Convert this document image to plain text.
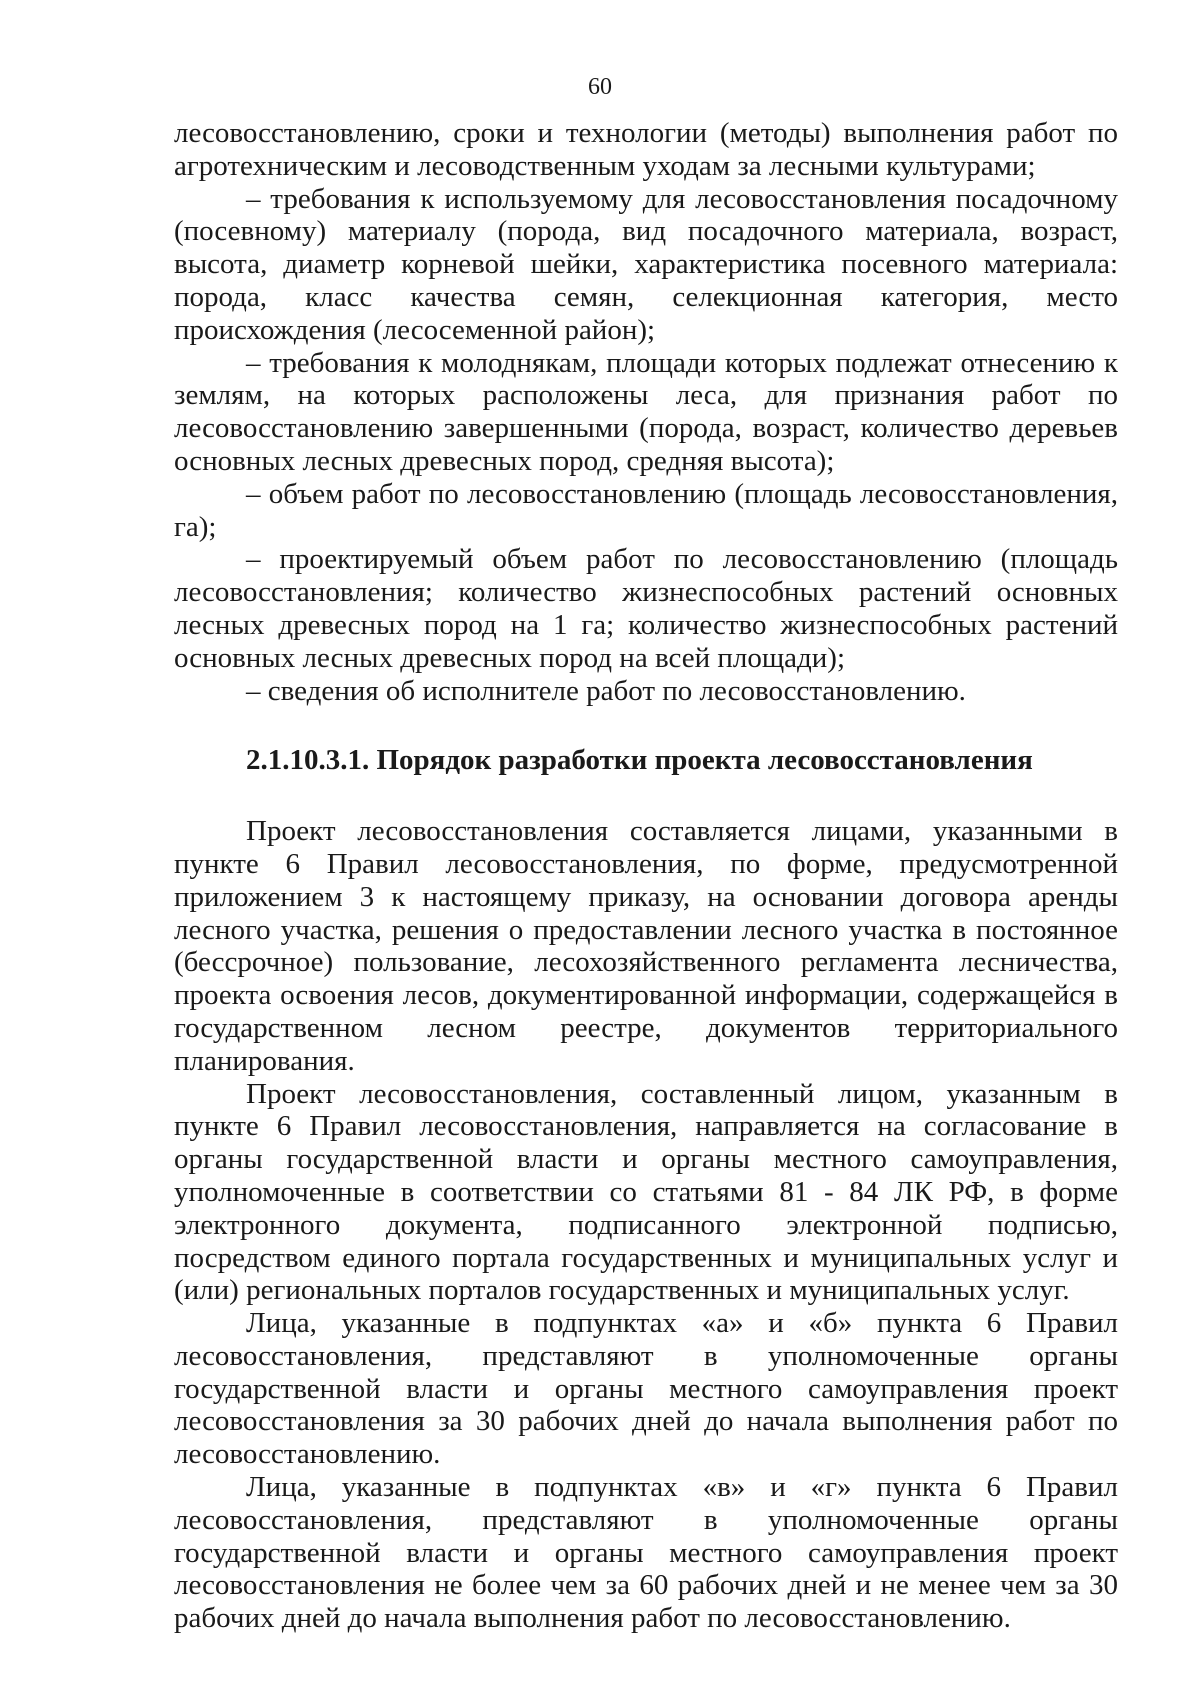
60

лесовосстановлению, сроки и технологии (методы) выполнения работ по агротехническим и лесоводственным уходам за лесными культурами;

– требования к используемому для лесовосстановления посадочному (посевному) материалу (порода, вид посадочного материала, возраст, высота, диаметр корневой шейки, характеристика посевного материала: порода, класс качества семян, селекционная категория, место происхождения (лесосеменной район);

– требования к молоднякам, площади которых подлежат отнесению к землям, на которых расположены леса, для признания работ по лесовосстановлению завершенными (порода, возраст, количество деревьев основных лесных древесных пород, средняя высота);

– объем работ по лесовосстановлению (площадь лесовосстановления, га);

– проектируемый объем работ по лесовосстановлению (площадь лесовосстановления; количество жизнеспособных растений основных лесных древесных пород на 1 га; количество жизнеспособных растений основных лесных древесных пород на всей площади);

– сведения об исполнителе работ по лесовосстановлению.

2.1.10.3.1. Порядок разработки проекта лесовосстановления

Проект лесовосстановления составляется лицами, указанными в пункте 6 Правил лесовосстановления, по форме, предусмотренной приложением 3 к настоящему приказу, на основании договора аренды лесного участка, решения о предоставлении лесного участка в постоянное (бессрочное) пользование, лесохозяйственного регламента лесничества, проекта освоения лесов, документированной информации, содержащейся в государственном лесном реестре, документов территориального планирования.

Проект лесовосстановления, составленный лицом, указанным в пункте 6 Правил лесовосстановления, направляется на согласование в органы государственной власти и органы местного самоуправления, уполномоченные в соответствии со статьями 81 - 84 ЛК РФ, в форме электронного документа, подписанного электронной подписью, посредством единого портала государственных и муниципальных услуг и (или) региональных порталов государственных и муниципальных услуг.

Лица, указанные в подпунктах «а» и «б» пункта 6 Правил лесовосстановления, представляют в уполномоченные органы государственной власти и органы местного самоуправления проект лесовосстановления за 30 рабочих дней до начала выполнения работ по лесовосстановлению.

Лица, указанные в подпунктах «в» и «г» пункта 6 Правил лесовосстановления, представляют в уполномоченные органы государственной власти и органы местного самоуправления проект лесовосстановления не более чем за 60 рабочих дней и не менее чем за 30 рабочих дней до начала выполнения работ по лесовосстановлению.
